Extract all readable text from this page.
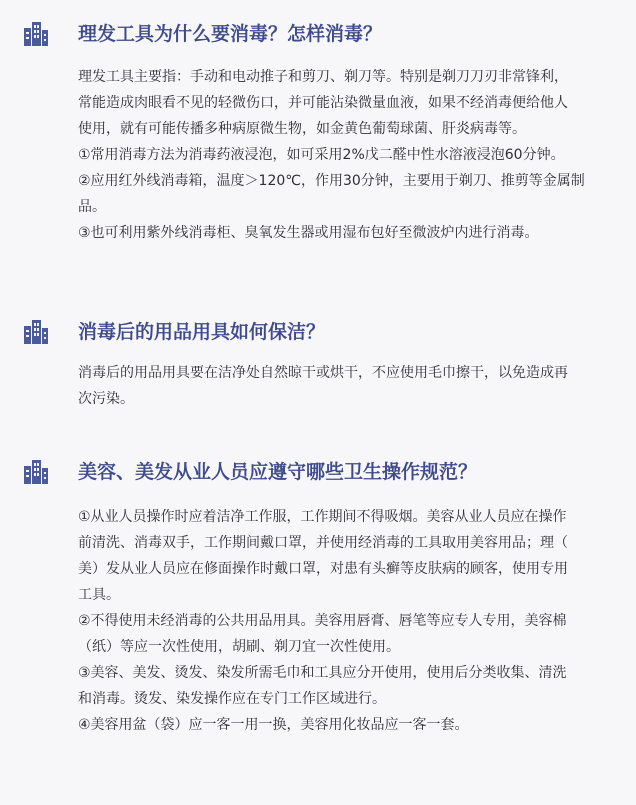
理发工具为什么要消毒？怎样消毒？
理发工具主要指：手动和电动推子和剪刀、剃刀等。特别是剃刀刀刃非常锋利，
常能造成肉眼看不见的轻微伤口，并可能沾染微量血液，如果不经消毒便给他人
使用，就有可能传播多种病原微生物，如金黄色葡萄球菌、肝炎病毒等。
①常用消毒方法为消毒药液浸泡，如可采用2%戊二醛中性水溶液浸泡60分钟。
②应用红外线消毒箱，温度＞120℃，作用30分钟，主要用于剃刀、推剪等金属制
品。
③也可利用紫外线消毒柜、臭氧发生器或用湿布包好至微波炉内进行消毒。
消毒后的用品用具如何保洁？
消毒后的用品用具要在洁净处自然晾干或烘干，不应使用毛巾擦干，以免造成再
次污染。
美容、美发从业人员应遵守哪些卫生操作规范？
①从业人员操作时应着洁净工作服，工作期间不得吸烟。美容从业人员应在操作
前清洗、消毒双手，工作期间戴口罩，并使用经消毒的工具取用美容用品；理（
美）发从业人员应在修面操作时戴口罩，对患有头癣等皮肤病的顾客，使用专用
工具。
②不得使用未经消毒的公共用品用具。美容用唇膏、唇笔等应专人专用，美容棉
（纸）等应一次性使用，胡刷、剃刀宜一次性使用。
③美容、美发、烫发、染发所需毛巾和工具应分开使用，使用后分类收集、清洗
和消毒。烫发、染发操作应在专门工作区域进行。
④美容用盆（袋）应一客一用一换，美容用化妆品应一客一套。
